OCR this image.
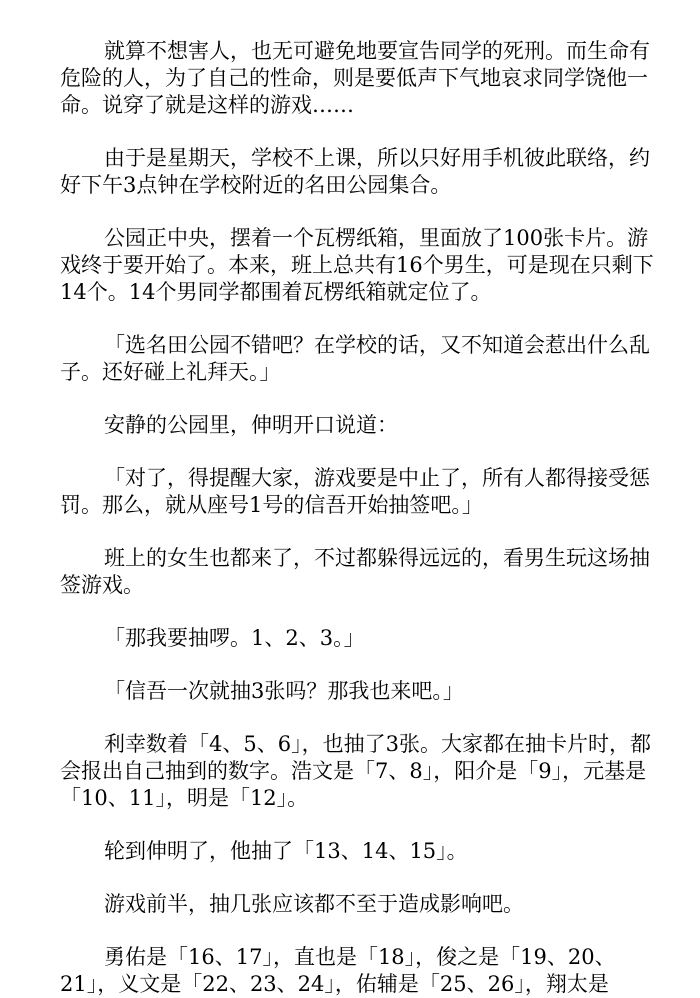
就算不想害人，也无可避免地要宣告同学的死刑。而生命有危险的人，为了自己的性命，则是要低声下气地哀求同学饶他一命。说穿了就是这样的游戏……

由于是星期天，学校不上课，所以只好用手机彼此联络，约好下午3点钟在学校附近的名田公园集合。

公园正中央，摆着一个瓦楞纸箱，里面放了100张卡片。游戏终于要开始了。本来，班上总共有16个男生，可是现在只剩下14个。14个男同学都围着瓦楞纸箱就定位了。

「选名田公园不错吧？在学校的话，又不知道会惹出什么乱子。还好碰上礼拜天。」

安静的公园里，伸明开口说道：

「对了，得提醒大家，游戏要是中止了，所有人都得接受惩罚。那么，就从座号1号的信吾开始抽签吧。」

班上的女生也都来了，不过都躲得远远的，看男生玩这场抽签游戏。

「那我要抽啰。1、2、3。」

「信吾一次就抽3张吗？那我也来吧。」

利幸数着「4、5、6」，也抽了3张。大家都在抽卡片时，都会报出自己抽到的数字。浩文是「7、8」，阳介是「9」，元基是「10、11」，明是「12」。

轮到伸明了，他抽了「13、14、15」。

游戏前半，抽几张应该都不至于造成影响吧。

勇佑是「16、17」，直也是「18」，俊之是「19、20、21」，义文是「22、23、24」，佑辅是「25、26」，翔太是
